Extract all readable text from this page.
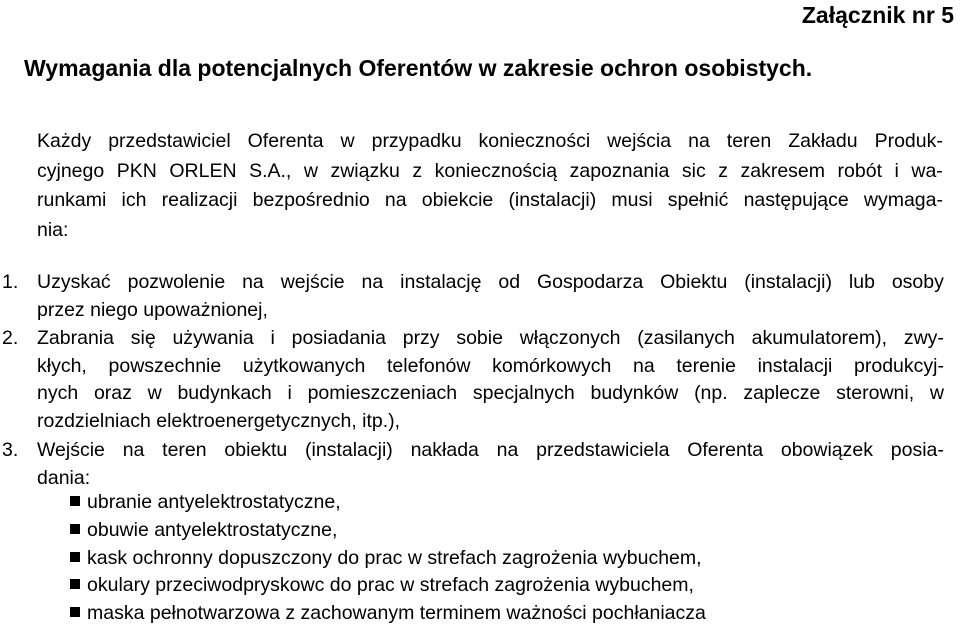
Załącznik nr 5
Wymagania dla potencjalnych Oferentów w zakresie ochron osobistych.
Każdy przedstawiciel Oferenta w przypadku konieczności wejścia na teren Zakładu Produk-
cyjnego PKN ORLEN S.A., w związku z koniecznością zapoznania sic z zakresem robót i wa-
runkami ich realizacji bezpośrednio na obiekcie (instalacji) musi spełnić następujące wymaga-
nia:
1. Uzyskać pozwolenie na wejście na instalację od Gospodarza Obiektu (instalacji) lub osoby
przez niego upoważnionej,
2. Zabrania się używania i posiadania przy sobie włączonych (zasilanych akumulatorem), zwy-
kłych, powszechnie użytkowanych telefonów komórkowych na terenie instalacji produkcyj-
nych oraz w budynkach i pomieszczeniach specjalnych budynków (np. zaplecze sterowni, w
rozdzielniach elektroenergetycznych, itp.),
3. Wejście na teren obiektu (instalacji) nakłada na przedstawiciela Oferenta obowiązek posia-
dania:
ubranie antyelektrostatyczne,
obuwie antyelektrostatyczne,
kask ochronny dopuszczony do prac w strefach zagrożenia wybuchem,
okulary przeciwodpryskowc do prac w strefach zagrożenia wybuchem,
maska pełnotwarzowa z zachowanym terminem ważności pochłaniacza
